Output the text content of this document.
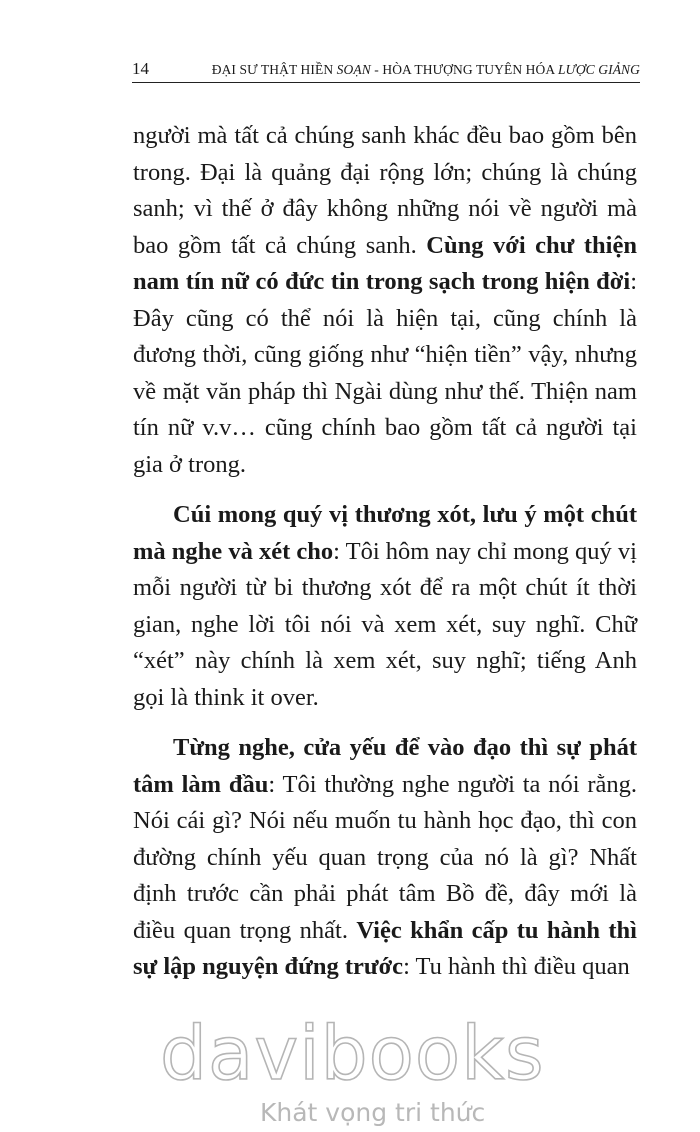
14	ĐẠI SƯ THẬT HIỀN SOẠN - HÒA THƯỢNG TUYÊN HÓA LƯỢC GIẢNG

người mà tất cả chúng sanh khác đều bao gồm bên trong. Đại là quảng đại rộng lớn; chúng là chúng sanh; vì thế ở đây không những nói về người mà bao gồm tất cả chúng sanh. Cùng với chư thiện nam tín nữ có đức tin trong sạch trong hiện đời: Đây cũng có thể nói là hiện tại, cũng chính là đương thời, cũng giống như “hiện tiền” vậy, nhưng về mặt văn pháp thì Ngài dùng như thế. Thiện nam tín nữ v.v… cũng chính bao gồm tất cả người tại gia ở trong.

Cúi mong quý vị thương xót, lưu ý một chút mà nghe và xét cho: Tôi hôm nay chỉ mong quý vị mỗi người từ bi thương xót để ra một chút ít thời gian, nghe lời tôi nói và xem xét, suy nghĩ. Chữ “xét” này chính là xem xét, suy nghĩ; tiếng Anh gọi là think it over.

Từng nghe, cửa yếu để vào đạo thì sự phát tâm làm đầu: Tôi thường nghe người ta nói rằng. Nói cái gì? Nói nếu muốn tu hành học đạo, thì con đường chính yếu quan trọng của nó là gì? Nhất định trước cần phải phát tâm Bồ đề, đây mới là điều quan trọng nhất. Việc khẩn cấp tu hành thì sự lập nguyện đứng trước: Tu hành thì điều quan

davibooks
Khát vọng tri thức
